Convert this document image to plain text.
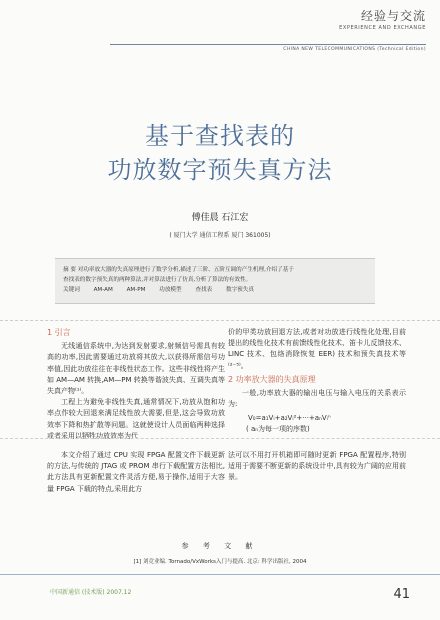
经验与交流
EXPERIENCE AND EXCHANGE
CHINA NEW TELECOMMUNICATIONS (Technical Edition)
基于查找表的
功放数字预失真方法
傅佳晨 石江宏
( 厦门大学 通信工程系 厦门 361005)
摘 要 对功率放大器的失真原理进行了数学分析,描述了三阶、五阶互调的产生机理,介绍了基于
查找表的数字预失真的两种算法,并对算法进行了仿真,分析了算法的有效性。
关键词 AM-AM AM-PM 功放模型 查找表 数字预失真
1 引言

无线通信系统中,为达到发射要求,射频信号需具有较高的功率,因此需要通过功放将其放大,以获得所需信号功率值,因此功放往往在非线性状态工作。这些非线性将产生如 AM—AM 转换,AM—PM 转换等谐波失真、互调失真等失真产物⁽¹⁾。

工程上为避免非线性失真,通常情况下,功放从饱和功率点作较大回退来满足线性放大需要,但是,这会导致功放效率下降和热扩散等问题。这就使设计人员面临两种选择或者采用以牺牲功放效率为代

价的甲类功放回退方法,或者对功放进行线性化处理,目前提出的线性化技术有前馈线性化技术、笛卡儿反馈技术、LINC 技术、包络消除恢复 EER) 技术和预失真技术等⁽²⁻⁵⁾。

2 功率放大器的失真原理

一般,功率放大器的输出电压与输入电压的关系表示为:

V₀=a₁Vᵢ+a₂Vᵢ²+···+aₙVᵢⁿ
( aₙ为每一项的序数)

本文介绍了通过 CPU 实现 FPGA 配置文件下载更新的方法,与传统的 JTAG 或 PROM 串行下载配置方法相比,此方法具有更新配置文件灵活方便,易于操作,适用于大容量 FPGA 下载的特点,采用此方

法可以不用打开机箱即可随时更新 FPGA 配置程序,特别适用于需要不断更新的系统设计中,具有较为广阔的应用前景。

参 考 文 献
[1] 刘竞业编. Tornado/VxWorks入门与提高. 北京: 科学出版社, 2004
中国新通信 (技术版) 2007.12	41
